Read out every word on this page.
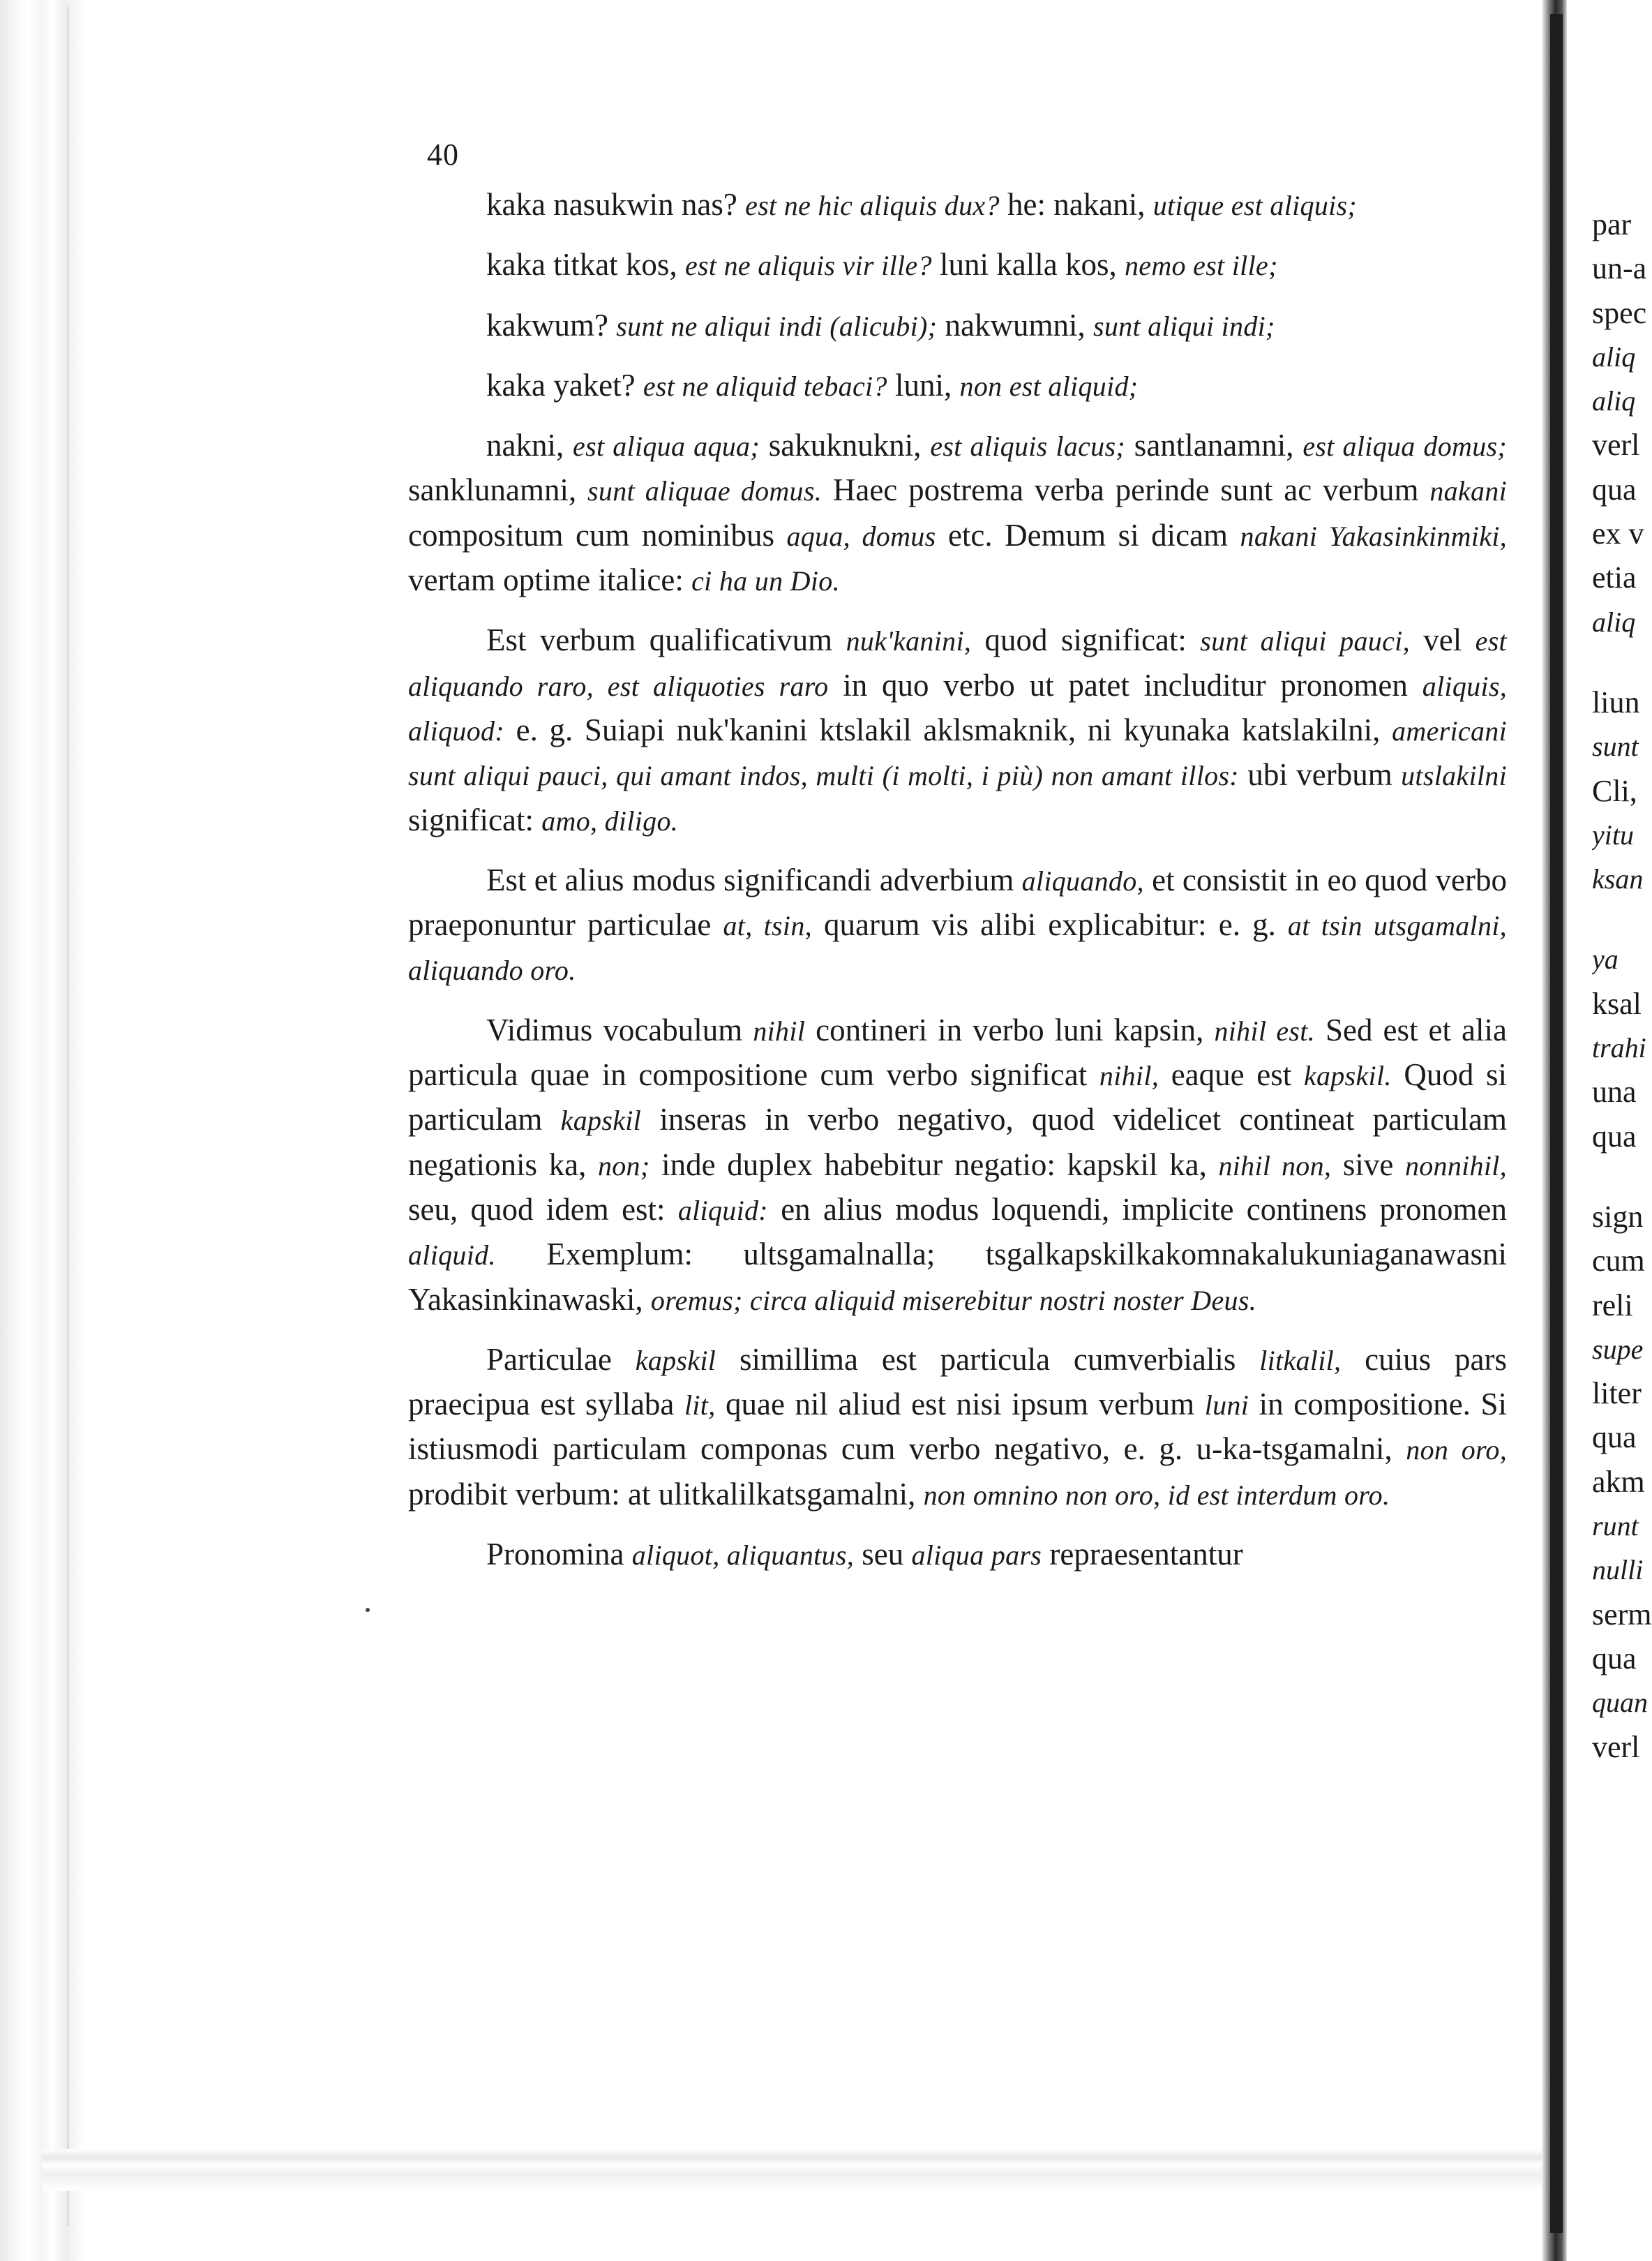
40

kaka nasukwin nas? est ne hic aliquis dux? he: nakani, utique est aliquis;

kaka titkat kos, est ne aliquis vir ille? luni kalla kos, nemo est ille;

kakwum? sunt ne aliqui indi (alicubi); nakwumni, sunt aliqui indi;

kaka yaket? est ne aliquid tebaci? luni, non est aliquid;

nakni, est aliqua aqua; sakuknukni, est aliquis lacus; santlanamni, est aliqua domus; sanklunamni, sunt aliquae domus. Haec postrema verba perinde sunt ac verbum nakani compositum cum nominibus aqua, domus etc. Demum si dicam nakani Yakasinkinmiki, vertam optime italice: ci ha un Dio.

Est verbum qualificativum nuk'kanini, quod significat: sunt aliqui pauci, vel est aliquando raro, est aliquoties raro in quo verbo ut patet includitur pronomen aliquis, aliquod: e. g. Suiapi nuk'kanini ktslakil aklsmaknik, ni kyunaka katslakilni, americani sunt aliqui pauci, qui amant indos, multi (i molti, i più) non amant illos: ubi verbum utslakilni significat: amo, diligo.

Est et alius modus significandi adverbium aliquando, et consistit in eo quod verbo praeponuntur particulae at, tsin, quarum vis alibi explicabitur: e. g. at tsin utsgamalni, aliquando oro.

Vidimus vocabulum nihil contineri in verbo luni kapsin, nihil est. Sed est et alia particula quae in compositione cum verbo significat nihil, eaque est kapskil. Quod si particulam kapskil inseras in verbo negativo, quod videlicet contineat particulam negationis ka, non; inde duplex habebitur negatio: kapskil ka, nihil non, sive nonnihil, seu, quod idem est: aliquid: en alius modus loquendi, implicite continens pronomen aliquid. Exemplum: ultsgamalnalla; tsgalkapskilkakomnakalukuniaganawasni Yakasinkinawaski, oremus; circa aliquid miserebitur nostri noster Deus.

Particulae kapskil simillima est particula cumverbialis litkalil, cuius pars praecipua est syllaba lit, quae nil aliud est nisi ipsum verbum luni in compositione. Si istiusmodi particulam componas cum verbo negativo, e. g. u-ka-tsgamalni, non oro, prodibit verbum: at ulitkalilkatsgamalni, non omnino non oro, id est interdum oro.

Pronomina aliquot, aliquantus, seu aliqua pars repraesentantur

par
un-a
spec
aliq
aliq
verl
qua
ex v
etia
aliq
liun
sunt
Cli,
yitu
ksan
ya
ksal
trahi
una
qua
sign
cum
reli
supe
liter
qua
akm
runt
nulli
serm
qua
quan
verl
